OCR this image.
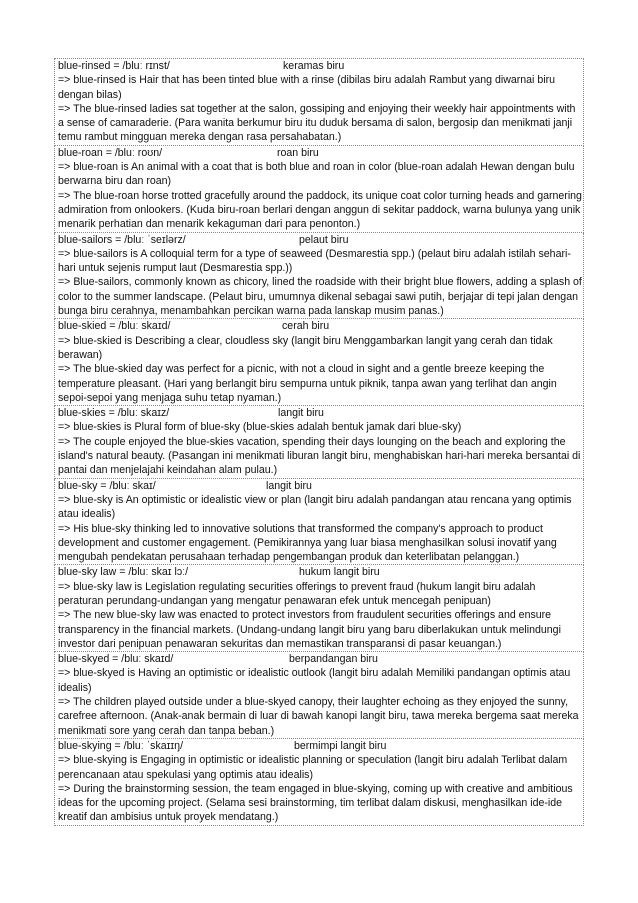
blue-rinsed = /bluː rɪnst/	keramas biru
=> blue-rinsed is Hair that has been tinted blue with a rinse (dibilas biru adalah Rambut yang diwarnai biru dengan bilas)
=> The blue-rinsed ladies sat together at the salon, gossiping and enjoying their weekly hair appointments with a sense of camaraderie. (Para wanita berkumur biru itu duduk bersama di salon, bergosip dan menikmati janji temu rambut mingguan mereka dengan rasa persahabatan.)
blue-roan = /bluː roʊn/	roan biru
=> blue-roan is An animal with a coat that is both blue and roan in color (blue-roan adalah Hewan dengan bulu berwarna biru dan roan)
=> The blue-roan horse trotted gracefully around the paddock, its unique coat color turning heads and garnering admiration from onlookers. (Kuda biru-roan berlari dengan anggun di sekitar paddock, warna bulunya yang unik menarik perhatian dan menarik kekaguman dari para penonton.)
blue-sailors = /bluː ˈseɪlərz/	pelaut biru
=> blue-sailors is A colloquial term for a type of seaweed (Desmarestia spp.) (pelaut biru adalah istilah sehari-hari untuk sejenis rumput laut (Desmarestia spp.))
=> Blue-sailors, commonly known as chicory, lined the roadside with their bright blue flowers, adding a splash of color to the summer landscape. (Pelaut biru, umumnya dikenal sebagai sawi putih, berjajar di tepi jalan dengan bunga biru cerahnya, menambahkan percikan warna pada lanskap musim panas.)
blue-skied = /bluː skaɪd/	cerah biru
=> blue-skied is Describing a clear, cloudless sky (langit biru Menggambarkan langit yang cerah dan tidak berawan)
=> The blue-skied day was perfect for a picnic, with not a cloud in sight and a gentle breeze keeping the temperature pleasant. (Hari yang berlangit biru sempurna untuk piknik, tanpa awan yang terlihat dan angin sepoi-sepoi yang menjaga suhu tetap nyaman.)
blue-skies = /bluː skaɪz/	langit biru
=> blue-skies is Plural form of blue-sky (blue-skies adalah bentuk jamak dari blue-sky)
=> The couple enjoyed the blue-skies vacation, spending their days lounging on the beach and exploring the island's natural beauty. (Pasangan ini menikmati liburan langit biru, menghabiskan hari-hari mereka bersantai di pantai dan menjelajahi keindahan alam pulau.)
blue-sky = /bluː skaɪ/	langit biru
=> blue-sky is An optimistic or idealistic view or plan (langit biru adalah pandangan atau rencana yang optimis atau idealis)
=> His blue-sky thinking led to innovative solutions that transformed the company's approach to product development and customer engagement. (Pemikirannya yang luar biasa menghasilkan solusi inovatif yang mengubah pendekatan perusahaan terhadap pengembangan produk dan keterlibatan pelanggan.)
blue-sky law = /bluː skaɪ lɔː/	hukum langit biru
=> blue-sky law is Legislation regulating securities offerings to prevent fraud (hukum langit biru adalah peraturan perundang-undangan yang mengatur penawaran efek untuk mencegah penipuan)
=> The new blue-sky law was enacted to protect investors from fraudulent securities offerings and ensure transparency in the financial markets. (Undang-undang langit biru yang baru diberlakukan untuk melindungi investor dari penipuan penawaran sekuritas dan memastikan transparansi di pasar keuangan.)
blue-skyed = /bluː skaɪd/	berpandangan biru
=> blue-skyed is Having an optimistic or idealistic outlook (langit biru adalah Memiliki pandangan optimis atau idealis)
=> The children played outside under a blue-skyed canopy, their laughter echoing as they enjoyed the sunny, carefree afternoon. (Anak-anak bermain di luar di bawah kanopi langit biru, tawa mereka bergema saat mereka menikmati sore yang cerah dan tanpa beban.)
blue-skying = /bluː ˈskaɪɪŋ/	bermimpi langit biru
=> blue-skying is Engaging in optimistic or idealistic planning or speculation (langit biru adalah Terlibat dalam perencanaan atau spekulasi yang optimis atau idealis)
=> During the brainstorming session, the team engaged in blue-skying, coming up with creative and ambitious ideas for the upcoming project. (Selama sesi brainstorming, tim terlibat dalam diskusi, menghasilkan ide-ide kreatif dan ambisius untuk proyek mendatang.)
